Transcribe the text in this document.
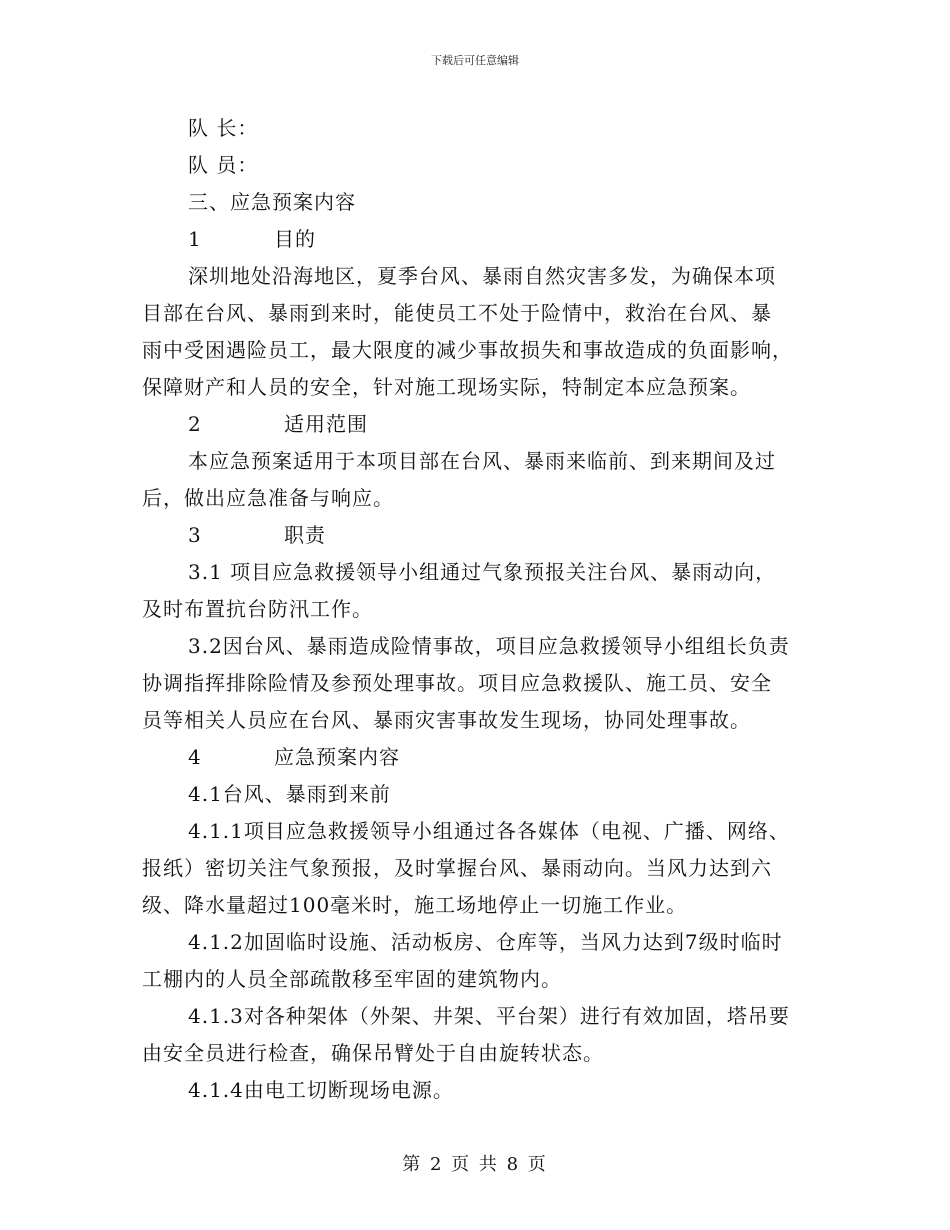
下载后可任意编辑
队 长：
队 员：
三、应急预案内容
1	目的
深圳地处沿海地区，夏季台风、暴雨自然灾害多发，为确保本项
目部在台风、暴雨到来时，能使员工不处于险情中，救治在台风、暴
雨中受困遇险员工，最大限度的减少事故损失和事故造成的负面影响，
保障财产和人员的安全，针对施工现场实际，特制定本应急预案。
2	适用范围
本应急预案适用于本项目部在台风、暴雨来临前、到来期间及过
后，做出应急准备与响应。
3	职责
3.1 项目应急救援领导小组通过气象预报关注台风、暴雨动向，
及时布置抗台防汛工作。
3.2因台风、暴雨造成险情事故，项目应急救援领导小组组长负责
协调指挥排除险情及参预处理事故。项目应急救援队、施工员、安全
员等相关人员应在台风、暴雨灾害事故发生现场，协同处理事故。
4	应急预案内容
4.1台风、暴雨到来前
4.1.1项目应急救援领导小组通过各各媒体（电视、广播、网络、
报纸）密切关注气象预报，及时掌握台风、暴雨动向。当风力达到六
级、降水量超过100毫米时，施工场地停止一切施工作业。
4.1.2加固临时设施、活动板房、仓库等，当风力达到7级时临时
工棚内的人员全部疏散移至牢固的建筑物内。
4.1.3对各种架体（外架、井架、平台架）进行有效加固，塔吊要
由安全员进行检查，确保吊臂处于自由旋转状态。
4.1.4由电工切断现场电源。
第 2 页 共 8 页
